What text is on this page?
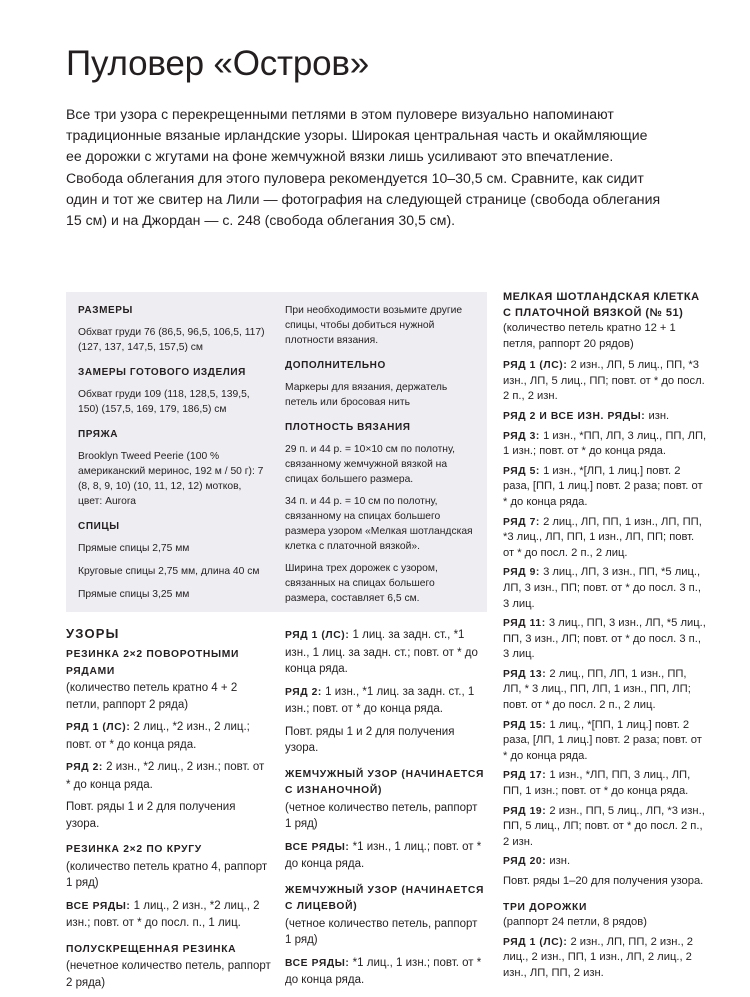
Пуловер «Остров»

Все три узора с перекрещенными петлями в этом пуловере визуально напоминают традиционные вязаные ирландские узоры. Широкая центральная часть и окаймляющие ее дорожки с жгутами на фоне жемчужной вязки лишь усиливают это впечатление. Свобода облегания для этого пуловера рекомендуется 10–30,5 см. Сравните, как сидит один и тот же свитер на Лили — фотография на следующей странице (свобода облегания 15 см) и на Джордан — с. 248 (свобода облегания 30,5 см).

РАЗМЕРЫ
Обхват груди 76 (86,5, 96,5, 106,5, 117) (127, 137, 147,5, 157,5) см
ЗАМЕРЫ ГОТОВОГО ИЗДЕЛИЯ
Обхват груди 109 (118, 128,5, 139,5, 150) (157,5, 169, 179, 186,5) см
ПРЯЖА
Brooklyn Tweed Peerie (100 % американский меринос, 192 м / 50 г): 7 (8, 8, 9, 10) (10, 11, 12, 12) мотков, цвет: Aurora
СПИЦЫ
Прямые спицы 2,75 мм
Круговые спицы 2,75 мм, длина 40 см
Прямые спицы 3,25 мм
При необходимости возьмите другие спицы, чтобы добиться нужной плотности вязания.
ДОПОЛНИТЕЛЬНО
Маркеры для вязания, держатель петель или бросовая нить
ПЛОТНОСТЬ ВЯЗАНИЯ
29 п. и 44 р. = 10×10 см по полотну, связанному жемчужной вязкой на спицах большего размера.
34 п. и 44 р. = 10 см по полотну, связанному на спицах большего размера узором «Мелкая шотландская клетка с платочной вязкой».
Ширина трех дорожек с узором, связанных на спицах большего размера, составляет 6,5 см.
УЗОРЫ
РЕЗИНКА 2×2 ПОВОРОТНЫМИ РЯДАМИ
(количество петель кратно 4 + 2 петли, раппорт 2 ряда)
РЯД 1 (ЛС): 2 лиц., *2 изн., 2 лиц.; повт. от * до конца ряда.
РЯД 2: 2 изн., *2 лиц., 2 изн.; повт. от * до конца ряда.
Повт. ряды 1 и 2 для получения узора.
РЕЗИНКА 2×2 ПО КРУГУ
(количество петель кратно 4, раппорт 1 ряд)
ВСЕ РЯДЫ: 1 лиц., 2 изн., *2 лиц., 2 изн.; повт. от * до посл. п., 1 лиц.
ПОЛУСКРЕЩЕННАЯ РЕЗИНКА
(нечетное количество петель, раппорт 2 ряда)
РЯД 1 (ЛС): 1 лиц. за задн. ст., *1 изн., 1 лиц. за задн. ст.; повт. от * до конца ряда.
РЯД 2: 1 изн., *1 лиц. за задн. ст., 1 изн.; повт. от * до конца ряда.
Повт. ряды 1 и 2 для получения узора.
ЖЕМЧУЖНЫЙ УЗОР (НАЧИНАЕТСЯ С ИЗНАНОЧНОЙ)
(четное количество петель, раппорт 1 ряд)
ВСЕ РЯДЫ: *1 изн., 1 лиц.; повт. от * до конца ряда.
ЖЕМЧУЖНЫЙ УЗОР (НАЧИНАЕТСЯ С ЛИЦЕВОЙ)
(четное количество петель, раппорт 1 ряд)
ВСЕ РЯДЫ: *1 лиц., 1 изн.; повт. от * до конца ряда.
МЕЛКАЯ ШОТЛАНДСКАЯ КЛЕТКА С ПЛАТОЧНОЙ ВЯЗКОЙ (№ 51)
(количество петель кратно 12 + 1 петля, раппорт 20 рядов)
РЯД 1 (ЛС): 2 изн., ЛП, 5 лиц., ПП, *3 изн., ЛП, 5 лиц., ПП; повт. от * до посл. 2 п., 2 изн.
РЯД 2 И ВСЕ ИЗН. РЯДЫ: изн.
РЯД 3: 1 изн., *ПП, ЛП, 3 лиц., ПП, ЛП, 1 изн.; повт. от * до конца ряда.
РЯД 5: 1 изн., *[ЛП, 1 лиц.] повт. 2 раза, [ПП, 1 лиц.] повт. 2 раза; повт. от * до конца ряда.
РЯД 7: 2 лиц., ЛП, ПП, 1 изн., ЛП, ПП, *3 лиц., ЛП, ПП, 1 изн., ЛП, ПП; повт. от * до посл. 2 п., 2 лиц.
РЯД 9: 3 лиц., ЛП, 3 изн., ПП, *5 лиц., ЛП, 3 изн., ПП; повт. от * до посл. 3 п., 3 лиц.
РЯД 11: 3 лиц., ПП, 3 изн., ЛП, *5 лиц., ПП, 3 изн., ЛП; повт. от * до посл. 3 п., 3 лиц.
РЯД 13: 2 лиц., ПП, ЛП, 1 изн., ПП, ЛП, * 3 лиц., ПП, ЛП, 1 изн., ПП, ЛП; повт. от * до посл. 2 п., 2 лиц.
РЯД 15: 1 лиц., *[ПП, 1 лиц.] повт. 2 раза, [ЛП, 1 лиц.] повт. 2 раза; повт. от * до конца ряда.
РЯД 17: 1 изн., *ЛП, ПП, 3 лиц., ЛП, ПП, 1 изн.; повт. от * до конца ряда.
РЯД 19: 2 изн., ПП, 5 лиц., ЛП, *3 изн., ПП, 5 лиц., ЛП; повт. от * до посл. 2 п., 2 изн.
РЯД 20: изн.
Повт. ряды 1–20 для получения узора.
ТРИ ДОРОЖКИ
(раппорт 24 петли, 8 рядов)
РЯД 1 (ЛС): 2 изн., ЛП, ПП, 2 изн., 2 лиц., 2 изн., ПП, 1 изн., ЛП, 2 лиц., 2 изн., ЛП, ПП, 2 изн.
